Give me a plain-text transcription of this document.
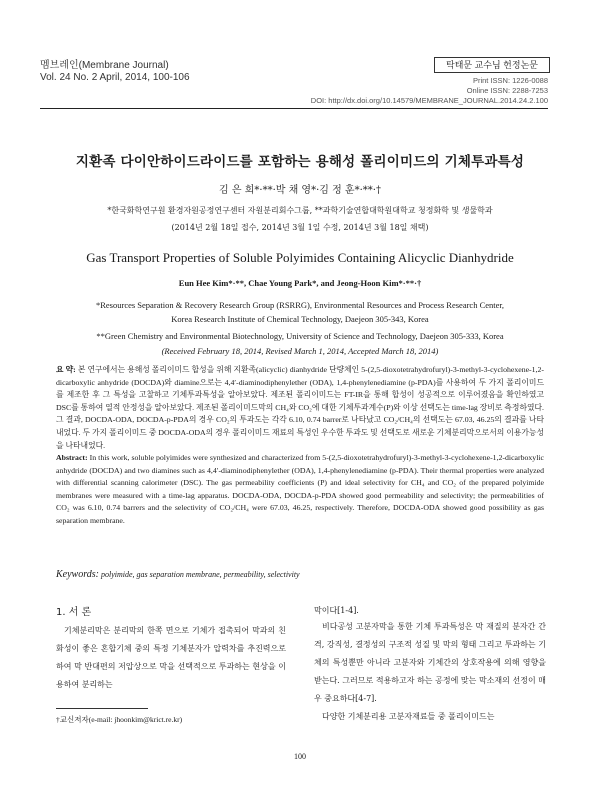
멤브레인(Membrane Journal)
Vol. 24 No. 2 April, 2014, 100-106
탁태문 교수님 헌정논문
Print ISSN: 1226-0088
Online ISSN: 2288-7253
DOI: http://dx.doi.org/10.14579/MEMBRANE_JOURNAL.2014.24.2.100
지환족 다이안하이드라이드를 포함하는 용해성 폴리이미드의 기체투과특성
김 은 희*·**·박 채 영*·김 정 훈*·**·†
*한국화학연구원 환경자원공정연구센터 자원분리회수그룹, **과학기술연합대학원대학교 청정화학 및 생물학과
(2014년 2월 18일 접수, 2014년 3월 1일 수정, 2014년 3월 18일 채택)
Gas Transport Properties of Soluble Polyimides Containing Alicyclic Dianhydride
Eun Hee Kim*·**, Chae Young Park*, and Jeong-Hoon Kim*·**·†
*Resources Separation & Recovery Research Group (RSRRG), Environmental Resources and Process Research Center,
Korea Research Institute of Chemical Technology, Daejeon 305-343, Korea
**Green Chemistry and Environmental Biotechnology, University of Science and Technology, Daejeon 305-333, Korea
(Received February 18, 2014, Revised March 1, 2014, Accepted March 18, 2014)
요 약: 본 연구에서는 용해성 폴리이미드 합성을 위해 지환족(alicyclic) dianhydride 단량체인 5-(2,5-dioxotetrahydrofuryl)-3-methyl-3-cyclohexene-1,2-dicarboxylic anhydride (DOCDA)와 diamine으로는 4,4′-diaminodiphenylether (ODA), 1,4-phenylenediamine (p-PDA)를 사용하여 두 가지 폴리이미드를 제조한 후 그 특성을 고찰하고 기체투과특성을 알아보았다. 제조된 폴리이미드는 FT-IR을 통해 합성이 성공적으로 이루어졌음을 확인하였고 DSC를 통하여 열적 안정성을 알아보았다. 제조된 폴리이미드막의 CH₄와 CO₂에 대한 기체투과계수(P)와 이상 선택도는 time-lag 장비로 측정하였다. 그 결과, DOCDA-ODA, DOCDA-p-PDA의 경우 CO₂의 투과도는 각각 6.10, 0.74 barrer로 나타났고 CO₂/CH₄의 선택도는 67.03, 46.25의 결과를 나타내었다. 두 가지 폴리이미드 중 DOCDA-ODA의 경우 폴리이미드 재료의 특성인 우수한 투과도 및 선택도로 새로운 기체분리막으로서의 이용가능성을 나타내었다.
Abstract: In this work, soluble polyimides were synthesized and characterized from 5-(2,5-dioxotetrahydrofuryl)-3-methyl-3-cyclohexene-1,2-dicarboxylic anhydride (DOCDA) and two diamines such as 4,4′-diaminodiphenylether (ODA), 1,4-phenylenediamine (p-PDA). Their thermal properties were analyzed with differential scanning calorimeter (DSC). The gas permeability coefficients (P) and ideal selectivity for CH₄ and CO₂ of the prepared polyimide membranes were measured with a time-lag apparatus. DOCDA-ODA, DOCDA-p-PDA showed good permeability and selectivity; the permeabilities of CO₂ was 6.10, 0.74 barrers and the selectivity of CO₂/CH₄ were 67.03, 46.25, respectively. Therefore, DOCDA-ODA showed good possibility as gas separation membrane.
Keywords: polyimide, gas separation membrane, permeability, selectivity
1. 서 론
기체분리막은 분리막의 한쪽 면으로 기체가 접촉되어 막과의 친화성이 좋은 혼합기체 중의 특정 기체분자가 압력차를 추진력으로 하여 막 반대편의 저압상으로 막을 선택적으로 투과하는 현상을 이용하여 분리하는
막이다[1-4].
비다공성 고분자막을 통한 기체 투과특성은 막 재질의 분자간 간격, 강직성, 결정성의 구조적 성질 및 막의 형태 그리고 투과하는 기체의 특성뿐만 아니라 고분자와 기체간의 상호작용에 의해 영향을 받는다. 그러므로 적용하고자 하는 공정에 맞는 막소재의 선정이 매우 중요하다[4-7].
다양한 기체분리용 고분자재료들 중 폴리이미드는
†교신저자(e-mail: jhoonkim@krict.re.kr)
100
